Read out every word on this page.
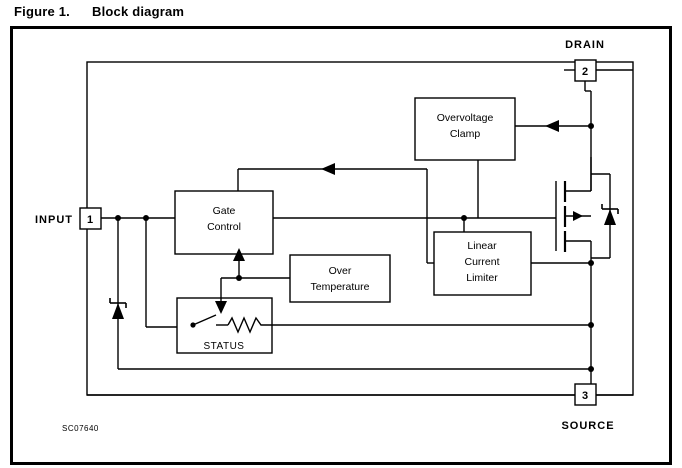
Figure 1. Block diagram
1
INPUT
2
DRAIN
3
SOURCE
Gate
Control
Overvoltage
Clamp
Linear
Current
Limiter
Over
Temperature
STATUS
SC07640
